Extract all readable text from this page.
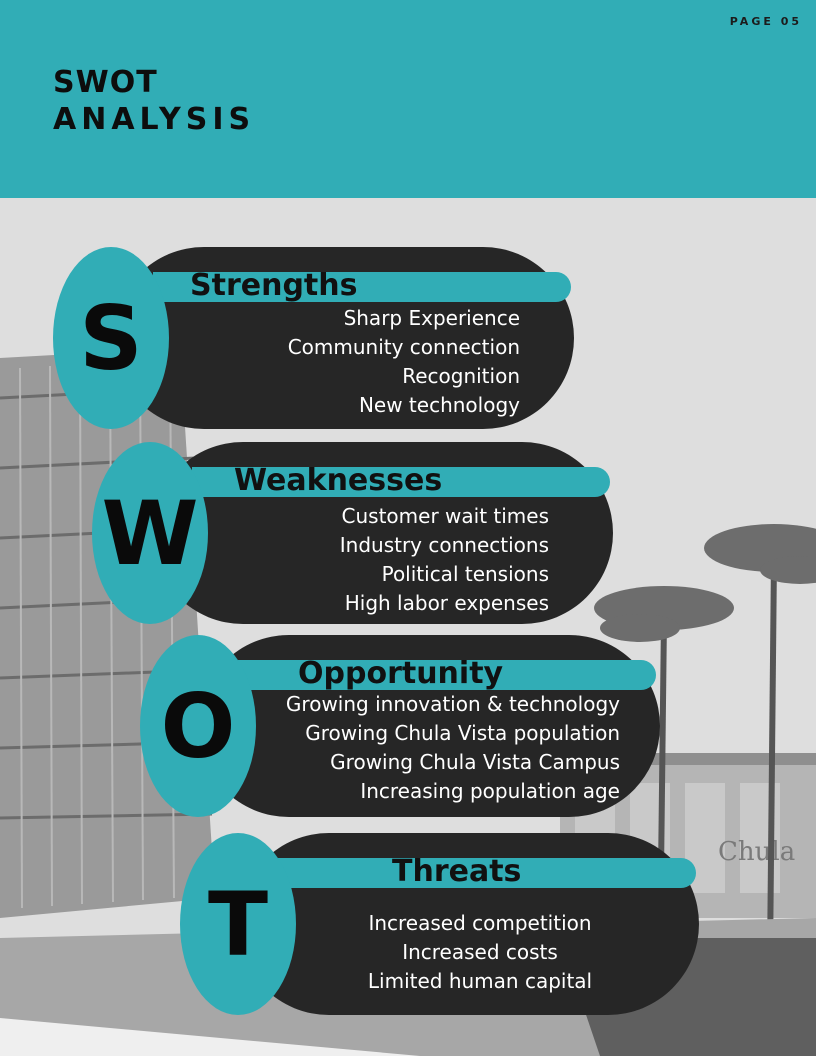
PAGE 05
SWOT
ANALYSIS
Chula
Strengths
Sharp Experience
Community connection
Recognition
New technology
S
Weaknesses
Customer wait times
Industry connections
Political tensions
High labor expenses
W
Opportunity
Growing innovation & technology
Growing Chula Vista population
Growing Chula Vista Campus
Increasing population age
O
Threats
Increased competition
Increased costs
Limited human capital
T
